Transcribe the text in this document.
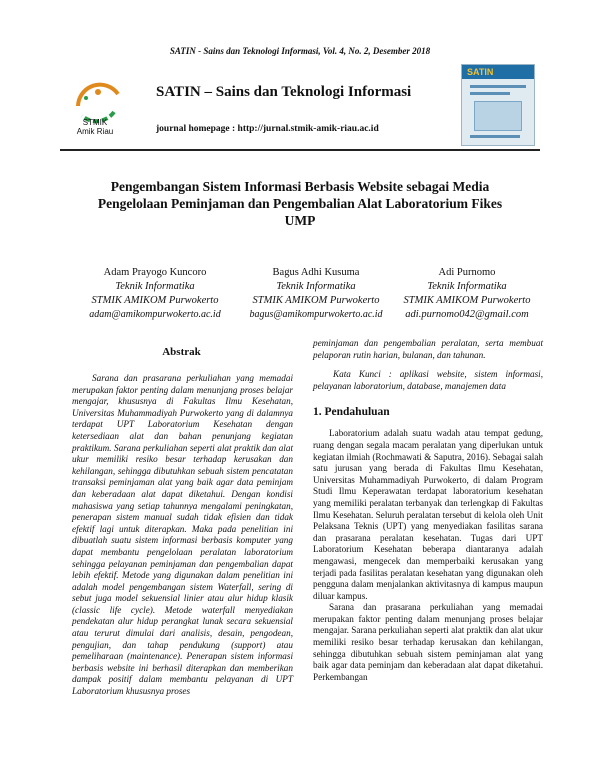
SATIN - Sains dan Teknologi Informasi, Vol. 4, No. 2, Desember 2018
STMIK
Amik Riau
SATIN – Sains dan Teknologi Informasi
journal homepage : http://jurnal.stmik-amik-riau.ac.id
SATIN
Pengembangan Sistem Informasi Berbasis Website sebagai Media Pengelolaan Peminjaman dan Pengembalian Alat Laboratorium Fikes UMP
Adam Prayogo Kuncoro
Teknik Informatika
STMIK AMIKOM Purwokerto
adam@amikompurwokerto.ac.id
Bagus Adhi Kusuma
Teknik Informatika
STMIK AMIKOM Purwokerto
bagus@amikompurwokerto.ac.id
Adi Purnomo
Teknik Informatika
STMIK AMIKOM Purwokerto
adi.purnomo042@gmail.com
Abstrak

Sarana dan prasarana perkuliahan yang memadai merupakan faktor penting dalam menunjang proses belajar mengajar, khususnya di Fakultas Ilmu Kesehatan, Universitas Muhammadiyah Purwokerto yang di dalamnya terdapat UPT Laboratorium Kesehatan dengan ketersediaan alat dan bahan penunjang kegiatan praktikum. Sarana perkuliahan seperti alat praktik dan alat ukur memiliki resiko besar terhadap kerusakan dan kehilangan, sehingga dibutuhkan sebuah sistem pencatatan transaksi peminjaman alat yang baik agar data peminjam dan keberadaan alat dapat diketahui. Dengan kondisi mahasiswa yang setiap tahunnya mengalami peningkatan, penerapan sistem manual sudah tidak efisien dan tidak efektif lagi untuk diterapkan. Maka pada penelitian ini dibuatlah suatu sistem informasi berbasis komputer yang dapat membantu pengelolaan peralatan laboratorium sehingga pelayanan peminjaman dan pengembalian dapat lebih efektif. Metode yang digunakan dalam penelitian ini adalah model pengembangan sistem Waterfall, sering di sebut juga model sekuensial linier atau alur hidup klasik (classic life cycle). Metode waterfall menyediakan pendekatan alur hidup perangkat lunak secara sekuensial atau terurut dimulai dari analisis, desain, pengodean, pengujian, dan tahap pendukung (support) atau pemeliharaan (maintenance). Penerapan sistem informasi berbasis website ini berhasil diterapkan dan memberikan dampak positif dalam membantu pelayanan di UPT Laboratorium khususnya proses

peminjaman dan pengembalian peralatan, serta membuat pelaporan rutin harian, bulanan, dan tahunan.

Kata Kunci : aplikasi website, sistem informasi, pelayanan laboratorium, database, manajemen data

1. Pendahuluan

Laboratorium adalah suatu wadah atau tempat gedung, ruang dengan segala macam peralatan yang diperlukan untuk kegiatan ilmiah (Rochmawati & Saputra, 2016). Sebagai salah satu jurusan yang berada di Fakultas Ilmu Kesehatan, Universitas Muhammadiyah Purwokerto, di dalam Program Studi Ilmu Keperawatan terdapat laboratorium kesehatan yang memiliki peralatan terbanyak dan terlengkap di Fakultas Ilmu Kesehatan. Seluruh peralatan tersebut di kelola oleh Unit Pelaksana Teknis (UPT) yang menyediakan fasilitas sarana dan prasarana peralatan kesehatan. Tugas dari UPT Laboratorium Kesehatan beberapa diantaranya adalah mengawasi, mengecek dan memperbaiki kerusakan yang terjadi pada fasilitas peralatan kesehatan yang digunakan oleh pengguna dalam menjalankan aktivitasnya di kampus maupun diluar kampus.

Sarana dan prasarana perkuliahan yang memadai merupakan faktor penting dalam menunjang proses belajar mengajar. Sarana perkuliahan seperti alat praktik dan alat ukur memiliki resiko besar terhadap kerusakan dan kehilangan, sehingga dibutuhkan sebuah sistem peminjaman alat yang baik agar data peminjam dan keberadaan alat dapat diketahui. Perkembangan
